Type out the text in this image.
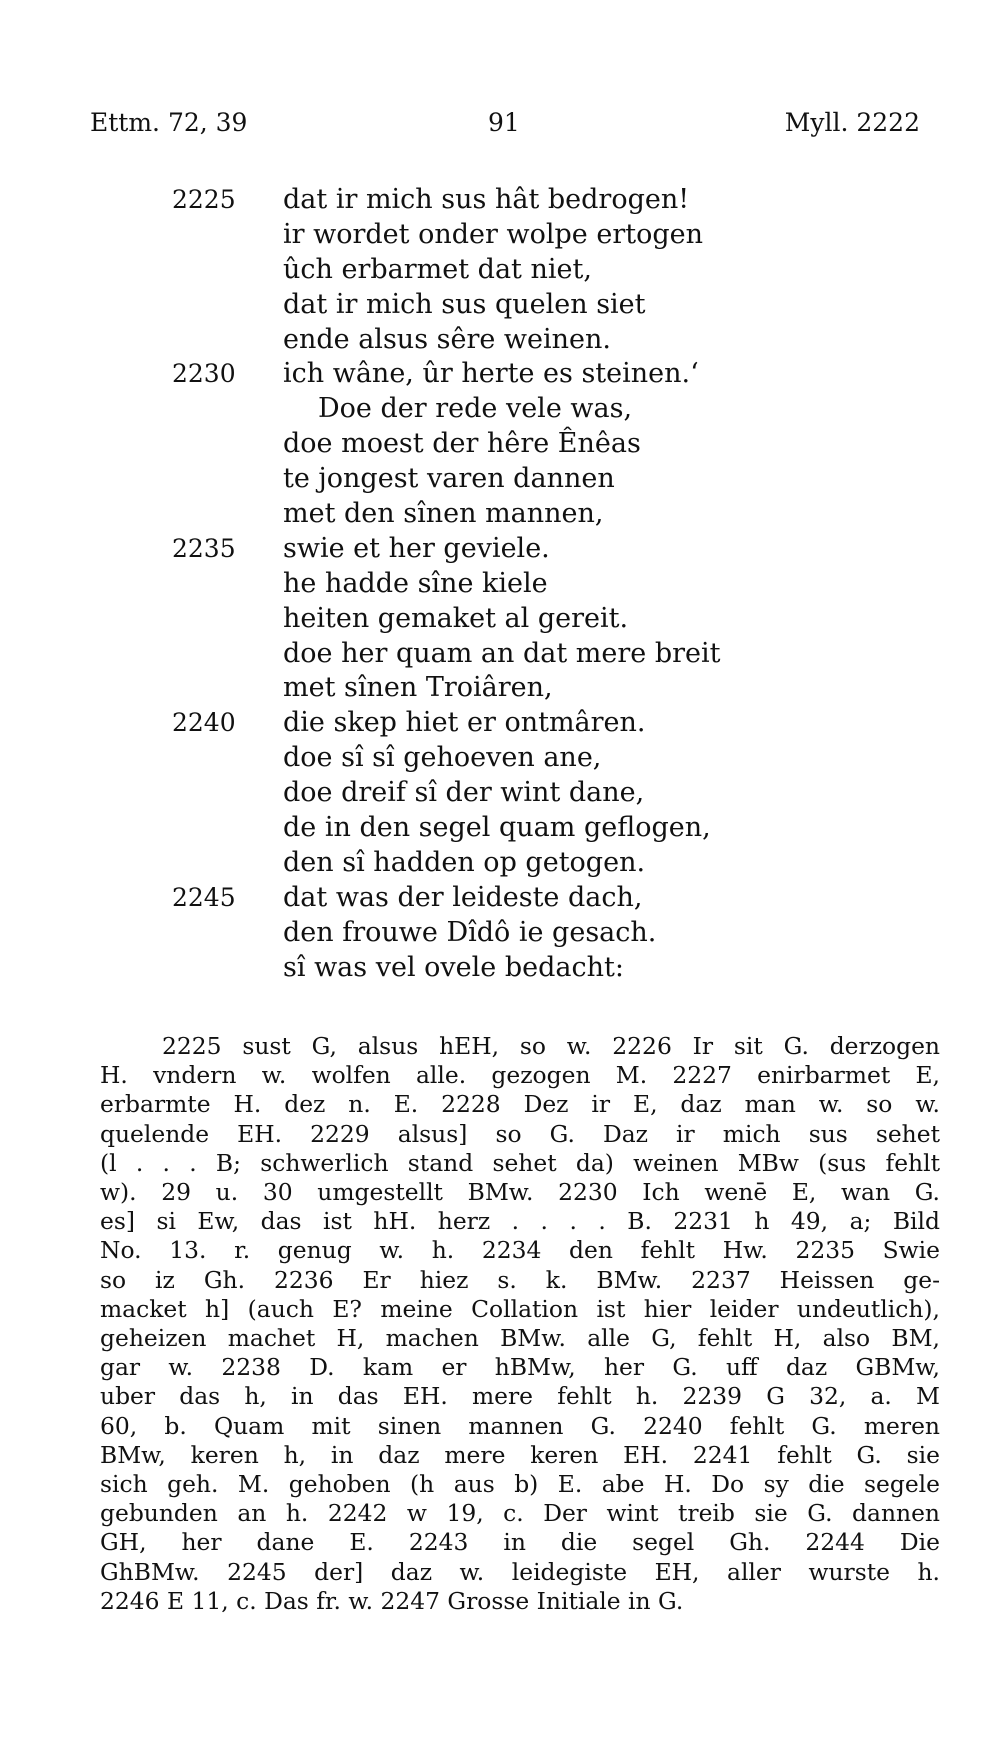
Ettm. 72, 39	91	Myll. 2222
2225	dat ir mich sus hât bedrogen!
ir wordet onder wolpe ertogen
ûch erbarmet dat niet,
dat ir mich sus quelen siet
ende alsus sêre weinen.
2230	ich wâne, ûr herte es steinen.‘
Doe der rede vele was,
doe moest der hêre Ênêas
te jongest varen dannen
met den sînen mannen,
2235	swie et her geviele.
he hadde sîne kiele
heiten gemaket al gereit.
doe her quam an dat mere breit
met sînen Troiâren,
2240	die skep hiet er ontmâren.
doe sî sî gehoeven ane,
doe dreif sî der wint dane,
de in den segel quam geflogen,
den sî hadden op getogen.
2245	dat was der leideste dach,
den frouwe Dîdô ie gesach.
sî was vel ovele bedacht:
2225 sust G, alsus hEH, so w. 2226 Ir sit G. derzogen
H. vndern w. wolfen alle. gezogen M. 2227 enirbarmet E,
erbarmte H. dez n. E. 2228 Dez ir E, daz man w. so w.
quelende EH. 2229 alsus] so G. Daz ir mich sus sehet
(l . . . B; schwerlich stand sehet da) weinen MBw (sus fehlt
w). 29 u. 30 umgestellt BMw. 2230 Ich wenē E, wan G.
es] si Ew, das ist hH. herz . . . . B. 2231 h 49, a; Bild
No. 13. r. genug w. h. 2234 den fehlt Hw. 2235 Swie
so iz Gh. 2236 Er hiez s. k. BMw. 2237 Heissen ge-
macket h] (auch E? meine Collation ist hier leider undeutlich),
geheizen machet H, machen BMw. alle G, fehlt H, also BM,
gar w. 2238 D. kam er hBMw, her G. uff daz GBMw,
uber das h, in das EH. mere fehlt h. 2239 G 32, a. M
60, b. Quam mit sinen mannen G. 2240 fehlt G. meren
BMw, keren h, in daz mere keren EH. 2241 fehlt G. sie
sich geh. M. gehoben (h aus b) E. abe H. Do sy die segele
gebunden an h. 2242 w 19, c. Der wint treib sie G. dannen
GH, her dane E. 2243 in die segel Gh. 2244 Die
GhBMw. 2245 der] daz w. leidegiste EH, aller wurste h.
2246 E 11, c. Das fr. w. 2247 Grosse Initiale in G.
